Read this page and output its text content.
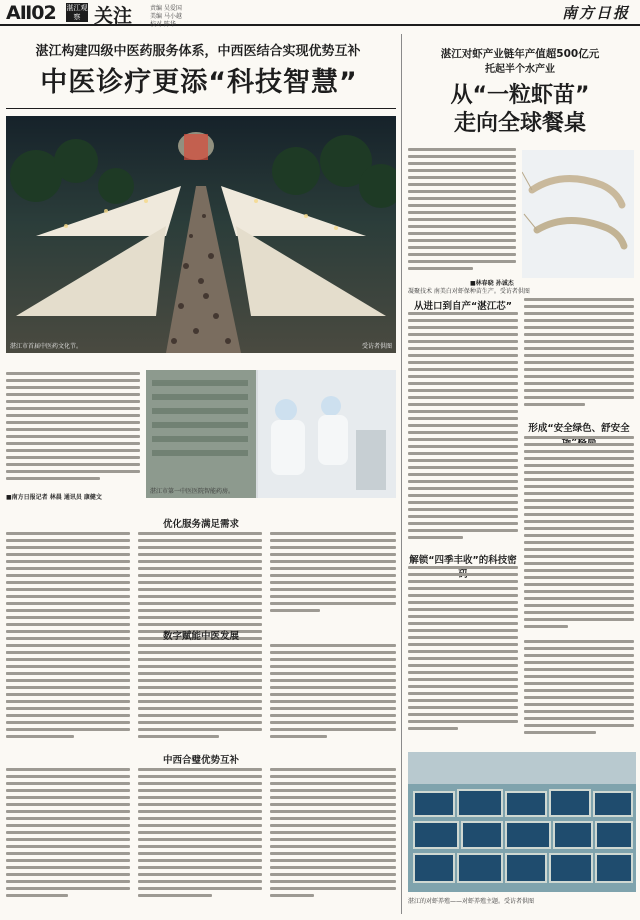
AⅡ02 湛江观察 关注	责编 吴爱国
美编 马小越
校对 陈华
南方日报
湛江构建四级中医药服务体系，中西医结合实现优势互补
中医诊疗更添“科技智慧”
湛江市首届中医药文化节。	受访者供图
■南方日报记者 林晨 通讯员 康健文
湛江市第一中医医院智能药房。
优化服务满足需求
数字赋能中医发展
中西合璧优势互补
湛江对虾产业链年产值超500亿元
托起半个水产业
从“一粒虾苗”
走向全球餐桌
■林春晓 孙诚杰
凝聚技术 南美白对虾保种苗生产。受访者供图
从进口到自产“湛江芯”
形成“安全绿色、舒安全
解锁“四季丰收”的科技密
湛江的对虾养殖——对虾养殖主题。受访者供图
